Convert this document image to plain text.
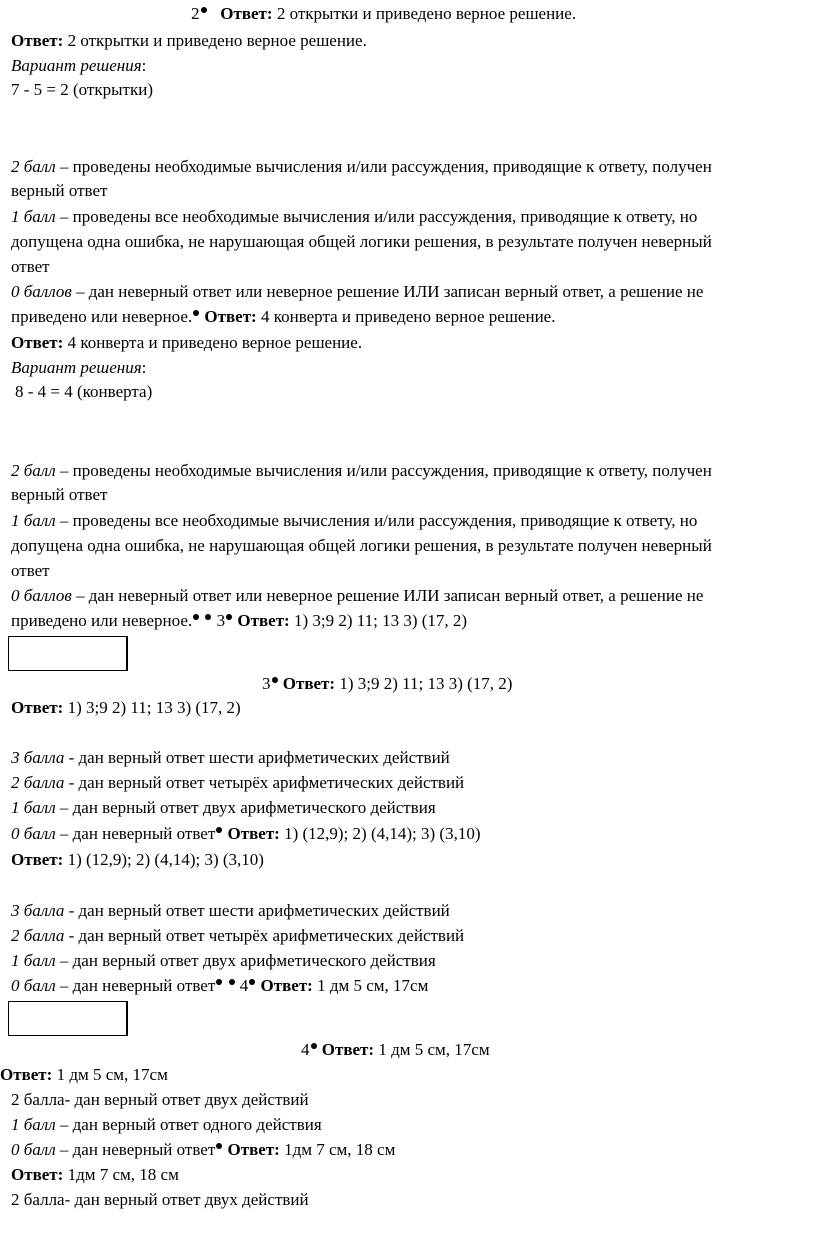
2 Ответ: 2 открытки и приведено верное решение.
Ответ: 2 открытки и приведено верное решение.
Вариант решения:
7 - 5 = 2 (открытки)
2 балл – проведены необходимые вычисления и/или рассуждения, приводящие к ответу, получен
верный ответ
1 балл – проведены все необходимые вычисления и/или рассуждения, приводящие к ответу, но
допущена одна ошибка, не нарушающая общей логики решения, в результате получен неверный
ответ
0 баллов – дан неверный ответ или неверное решение ИЛИ записан верный ответ, а решение не
приведено или неверное. Ответ: 4 конверта и приведено верное решение.
Ответ: 4 конверта и приведено верное решение.
Вариант решения:
8 - 4 = 4 (конверта)
2 балл – проведены необходимые вычисления и/или рассуждения, приводящие к ответу, получен
верный ответ
1 балл – проведены все необходимые вычисления и/или рассуждения, приводящие к ответу, но
допущена одна ошибка, не нарушающая общей логики решения, в результате получен неверный
ответ
0 баллов – дан неверный ответ или неверное решение ИЛИ записан верный ответ, а решение не
приведено или неверное. 3 Ответ: 1) 3;9 2) 11; 13 3) (17, 2)
3 Ответ: 1) 3;9 2) 11; 13 3) (17, 2)
Ответ: 1) 3;9 2) 11; 13 3) (17, 2)
3 балла - дан верный ответ шести арифметических действий
2 балла - дан верный ответ четырёх арифметических действий
1 балл – дан верный ответ двух арифметического действия
0 балл – дан неверный ответ Ответ: 1) (12,9); 2) (4,14); 3) (3,10)
Ответ: 1) (12,9); 2) (4,14); 3) (3,10)
3 балла - дан верный ответ шести арифметических действий
2 балла - дан верный ответ четырёх арифметических действий
1 балл – дан верный ответ двух арифметического действия
0 балл – дан неверный ответ 4 Ответ: 1 дм 5 см, 17см
4 Ответ: 1 дм 5 см, 17см
Ответ: 1 дм 5 см, 17см
2 балла- дан верный ответ двух действий
1 балл – дан верный ответ одного действия
0 балл – дан неверный ответ Ответ: 1дм 7 см, 18 см
Ответ: 1дм 7 см, 18 см
2 балла- дан верный ответ двух действий
